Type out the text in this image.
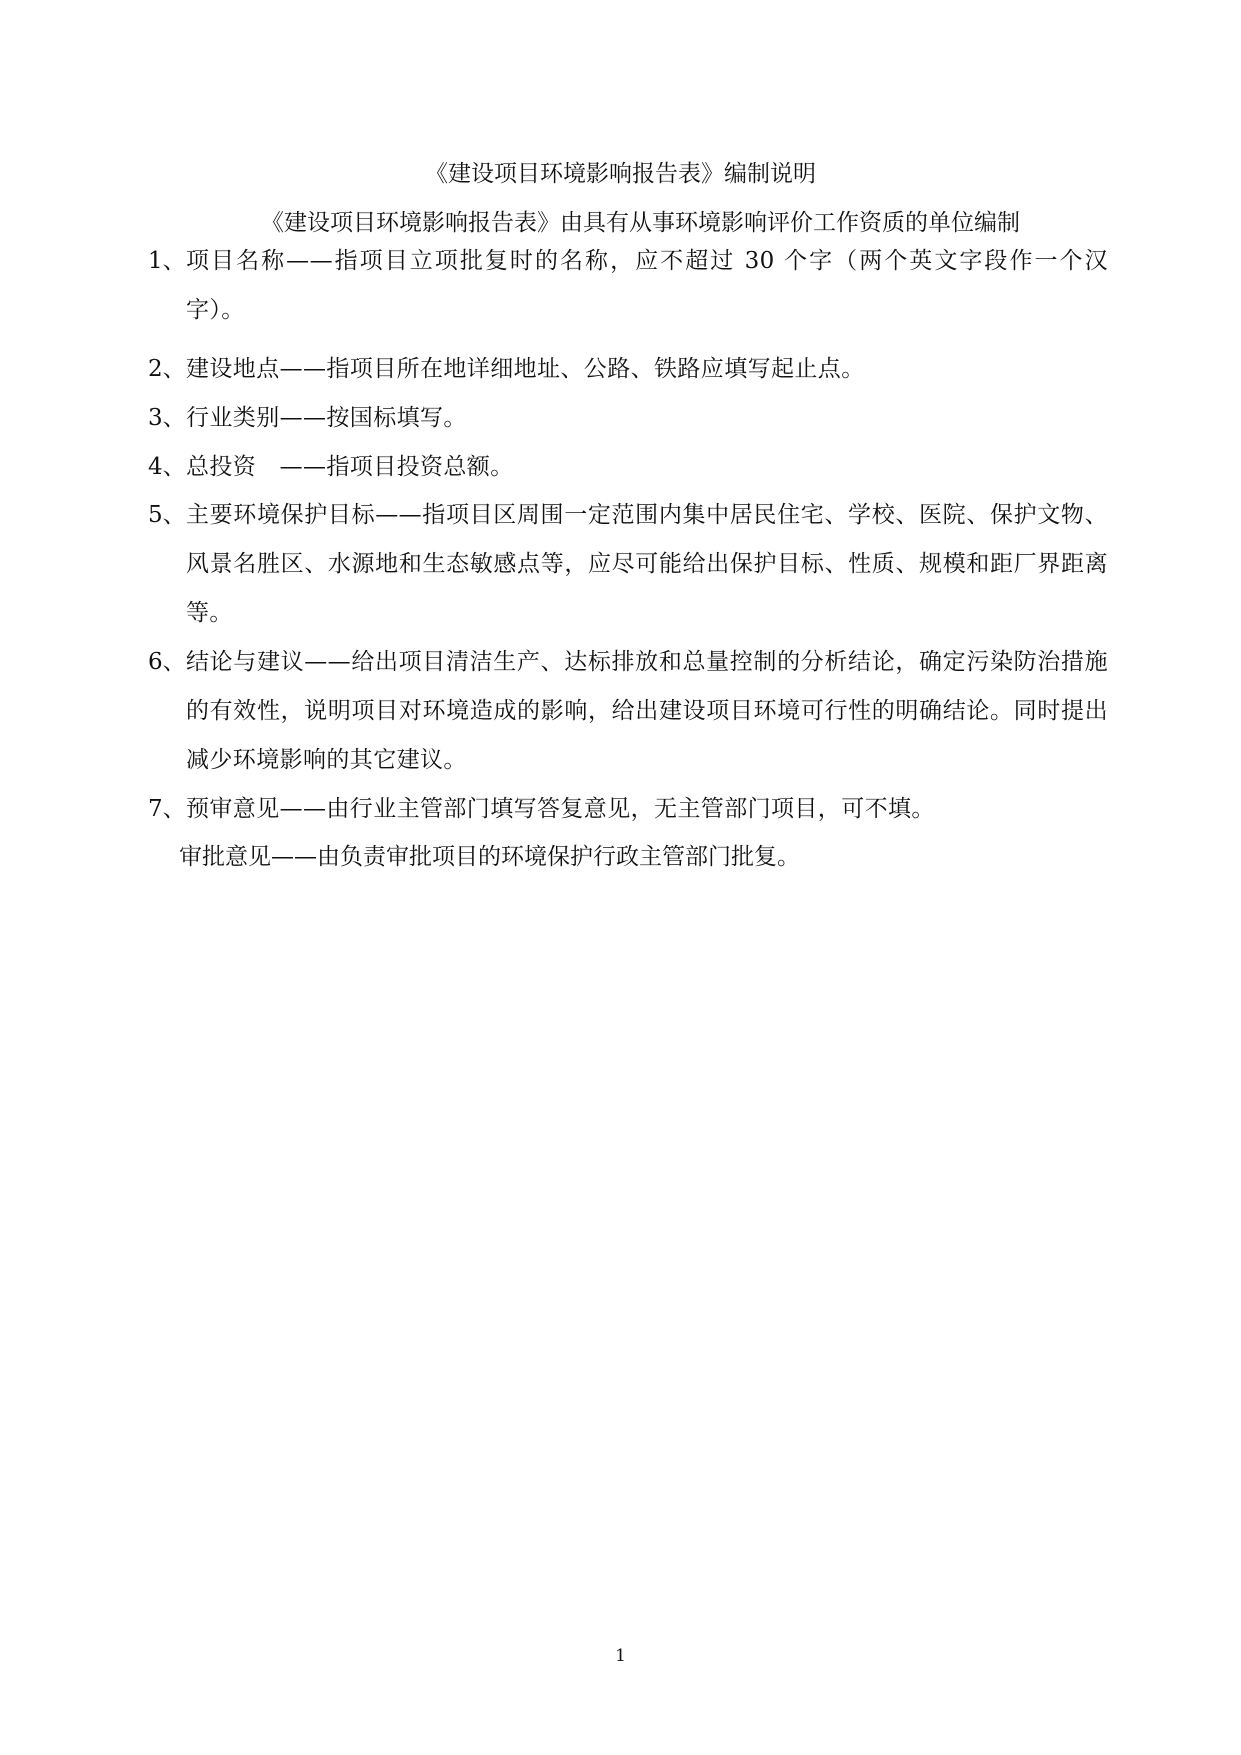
《建设项目环境影响报告表》编制说明
《建设项目环境影响报告表》由具有从事环境影响评价工作资质的单位编制
1、 项目名称——指项目立项批复时的名称，应不超过 30 个字（两个英文字段作一个汉字）。
2、 建设地点——指项目所在地详细地址、公路、铁路应填写起止点。
3、 行业类别——按国标填写。
4、 总投资　——指项目投资总额。
5、 主要环境保护目标——指项目区周围一定范围内集中居民住宅、学校、医院、保护文物、风景名胜区、水源地和生态敏感点等，应尽可能给出保护目标、性质、规模和距厂界距离等。
6、 结论与建议——给出项目清洁生产、达标排放和总量控制的分析结论，确定污染防治措施的有效性，说明项目对环境造成的影响，给出建设项目环境可行性的明确结论。同时提出减少环境影响的其它建议。
7、 预审意见——由行业主管部门填写答复意见，无主管部门项目，可不填。
审批意见——由负责审批项目的环境保护行政主管部门批复。
1
